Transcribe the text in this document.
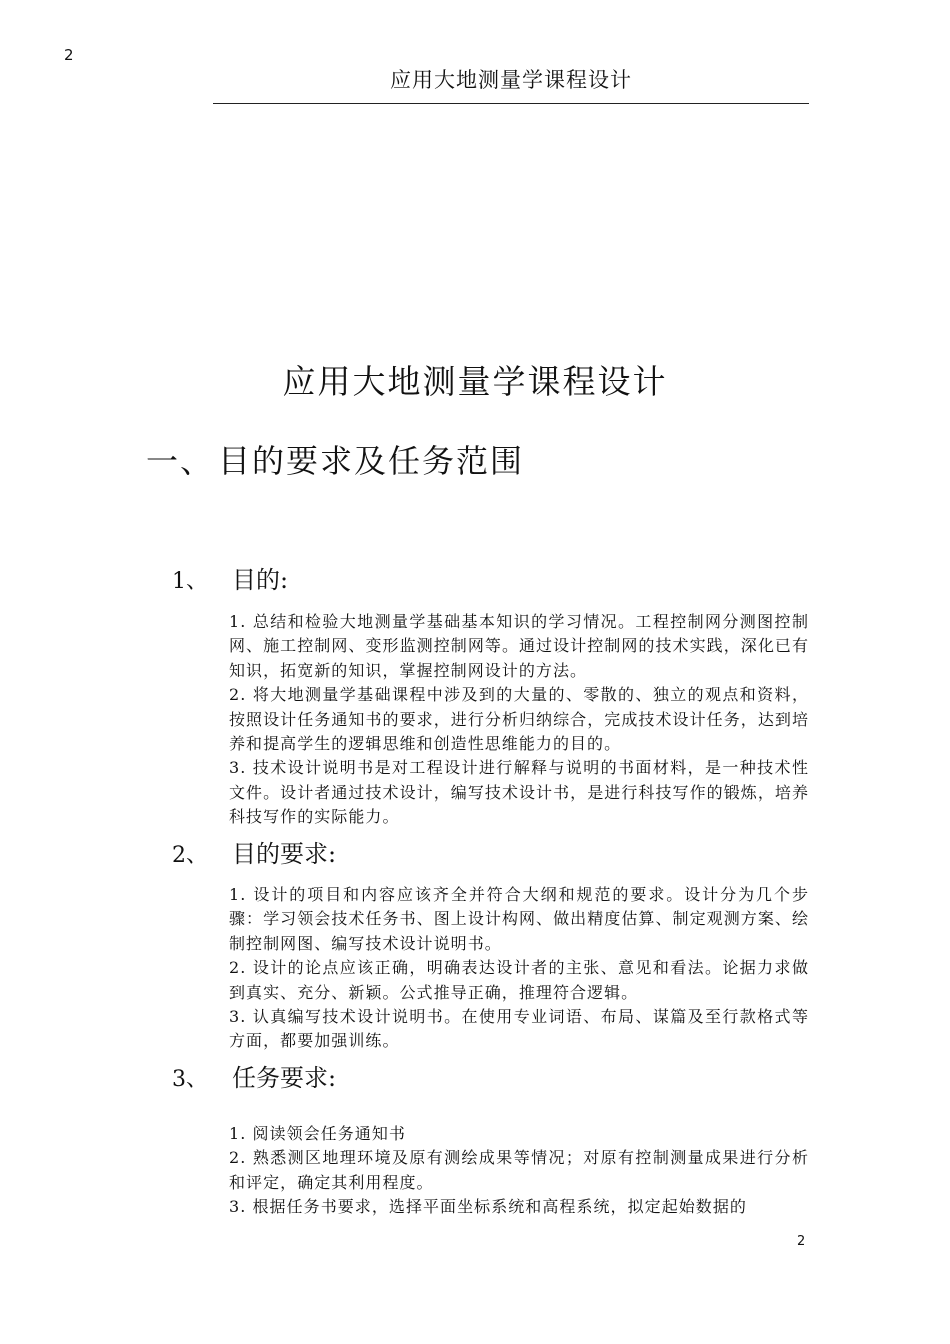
2
应用大地测量学课程设计
应用大地测量学课程设计
一、 目的要求及任务范围
1、 目的:

1. 总结和检验大地测量学基础基本知识的学习情况。工程控制网分测图控制网、施工控制网、变形监测控制网等。通过设计控制网的技术实践，深化已有知识，拓宽新的知识，掌握控制网设计的方法。

2. 将大地测量学基础课程中涉及到的大量的、零散的、独立的观点和资料，按照设计任务通知书的要求，进行分析归纳综合，完成技术设计任务，达到培养和提高学生的逻辑思维和创造性思维能力的目的。

3. 技术设计说明书是对工程设计进行解释与说明的书面材料，是一种技术性文件。设计者通过技术设计，编写技术设计书，是进行科技写作的锻炼，培养科技写作的实际能力。

2、 目的要求:

1. 设计的项目和内容应该齐全并符合大纲和规范的要求。设计分为几个步骤：学习领会技术任务书、图上设计构网、做出精度估算、制定观测方案、绘制控制网图、编写技术设计说明书。

2. 设计的论点应该正确，明确表达设计者的主张、意见和看法。论据力求做到真实、充分、新颖。公式推导正确，推理符合逻辑。

3. 认真编写技术设计说明书。在使用专业词语、布局、谋篇及至行款格式等方面，都要加强训练。

3、 任务要求:

1. 阅读领会任务通知书

2. 熟悉测区地理环境及原有测绘成果等情况；对原有控制测量成果进行分析和评定，确定其利用程度。

3. 根据任务书要求，选择平面坐标系统和高程系统，拟定起始数据的

2
